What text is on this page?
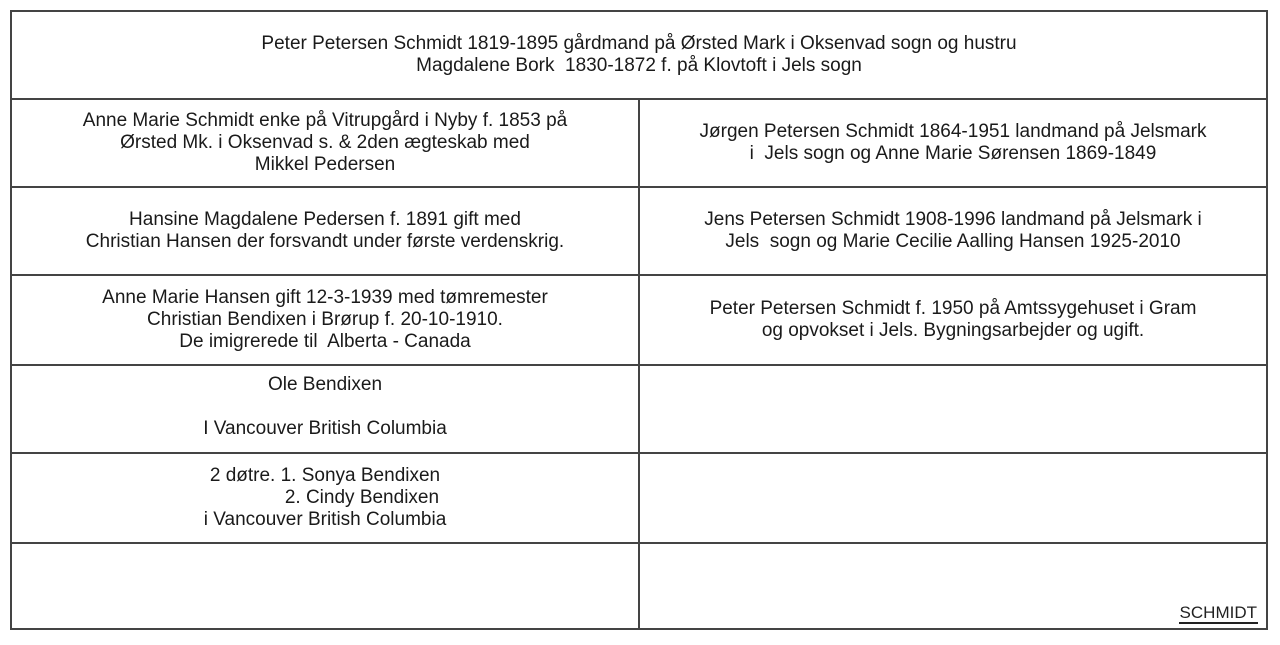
Peter Petersen Schmidt 1819-1895 gårdmand på Ørsted Mark i Oksenvad sogn og hustru
Magdalene Bork  1830-1872 f. på Klovtoft i Jels sogn
Anne Marie Schmidt enke på Vitrupgård i Nyby f. 1853 på
Ørsted Mk. i Oksenvad s. & 2den ægteskab med
Mikkel Pedersen
Jørgen Petersen Schmidt 1864-1951 landmand på Jelsmark
i  Jels sogn og Anne Marie Sørensen 1869-1849
Hansine Magdalene Pedersen f. 1891 gift med
Christian Hansen der forsvandt under første verdenskrig.
Jens Petersen Schmidt 1908-1996 landmand på Jelsmark i
Jels  sogn og Marie Cecilie Aalling Hansen 1925-2010
Anne Marie Hansen gift 12-3-1939 med tømremester
Christian Bendixen i Brørup f. 20-10-1910.
De imigrerede til  Alberta - Canada
Peter Petersen Schmidt f. 1950 på Amtssygehuset i Gram
og opvokset i Jels. Bygningsarbejder og ugift.
Ole Bendixen

I Vancouver British Columbia
2 døtre. 1. Sonya Bendixen
2. Cindy Bendixen
i Vancouver British Columbia
SCHMIDT
